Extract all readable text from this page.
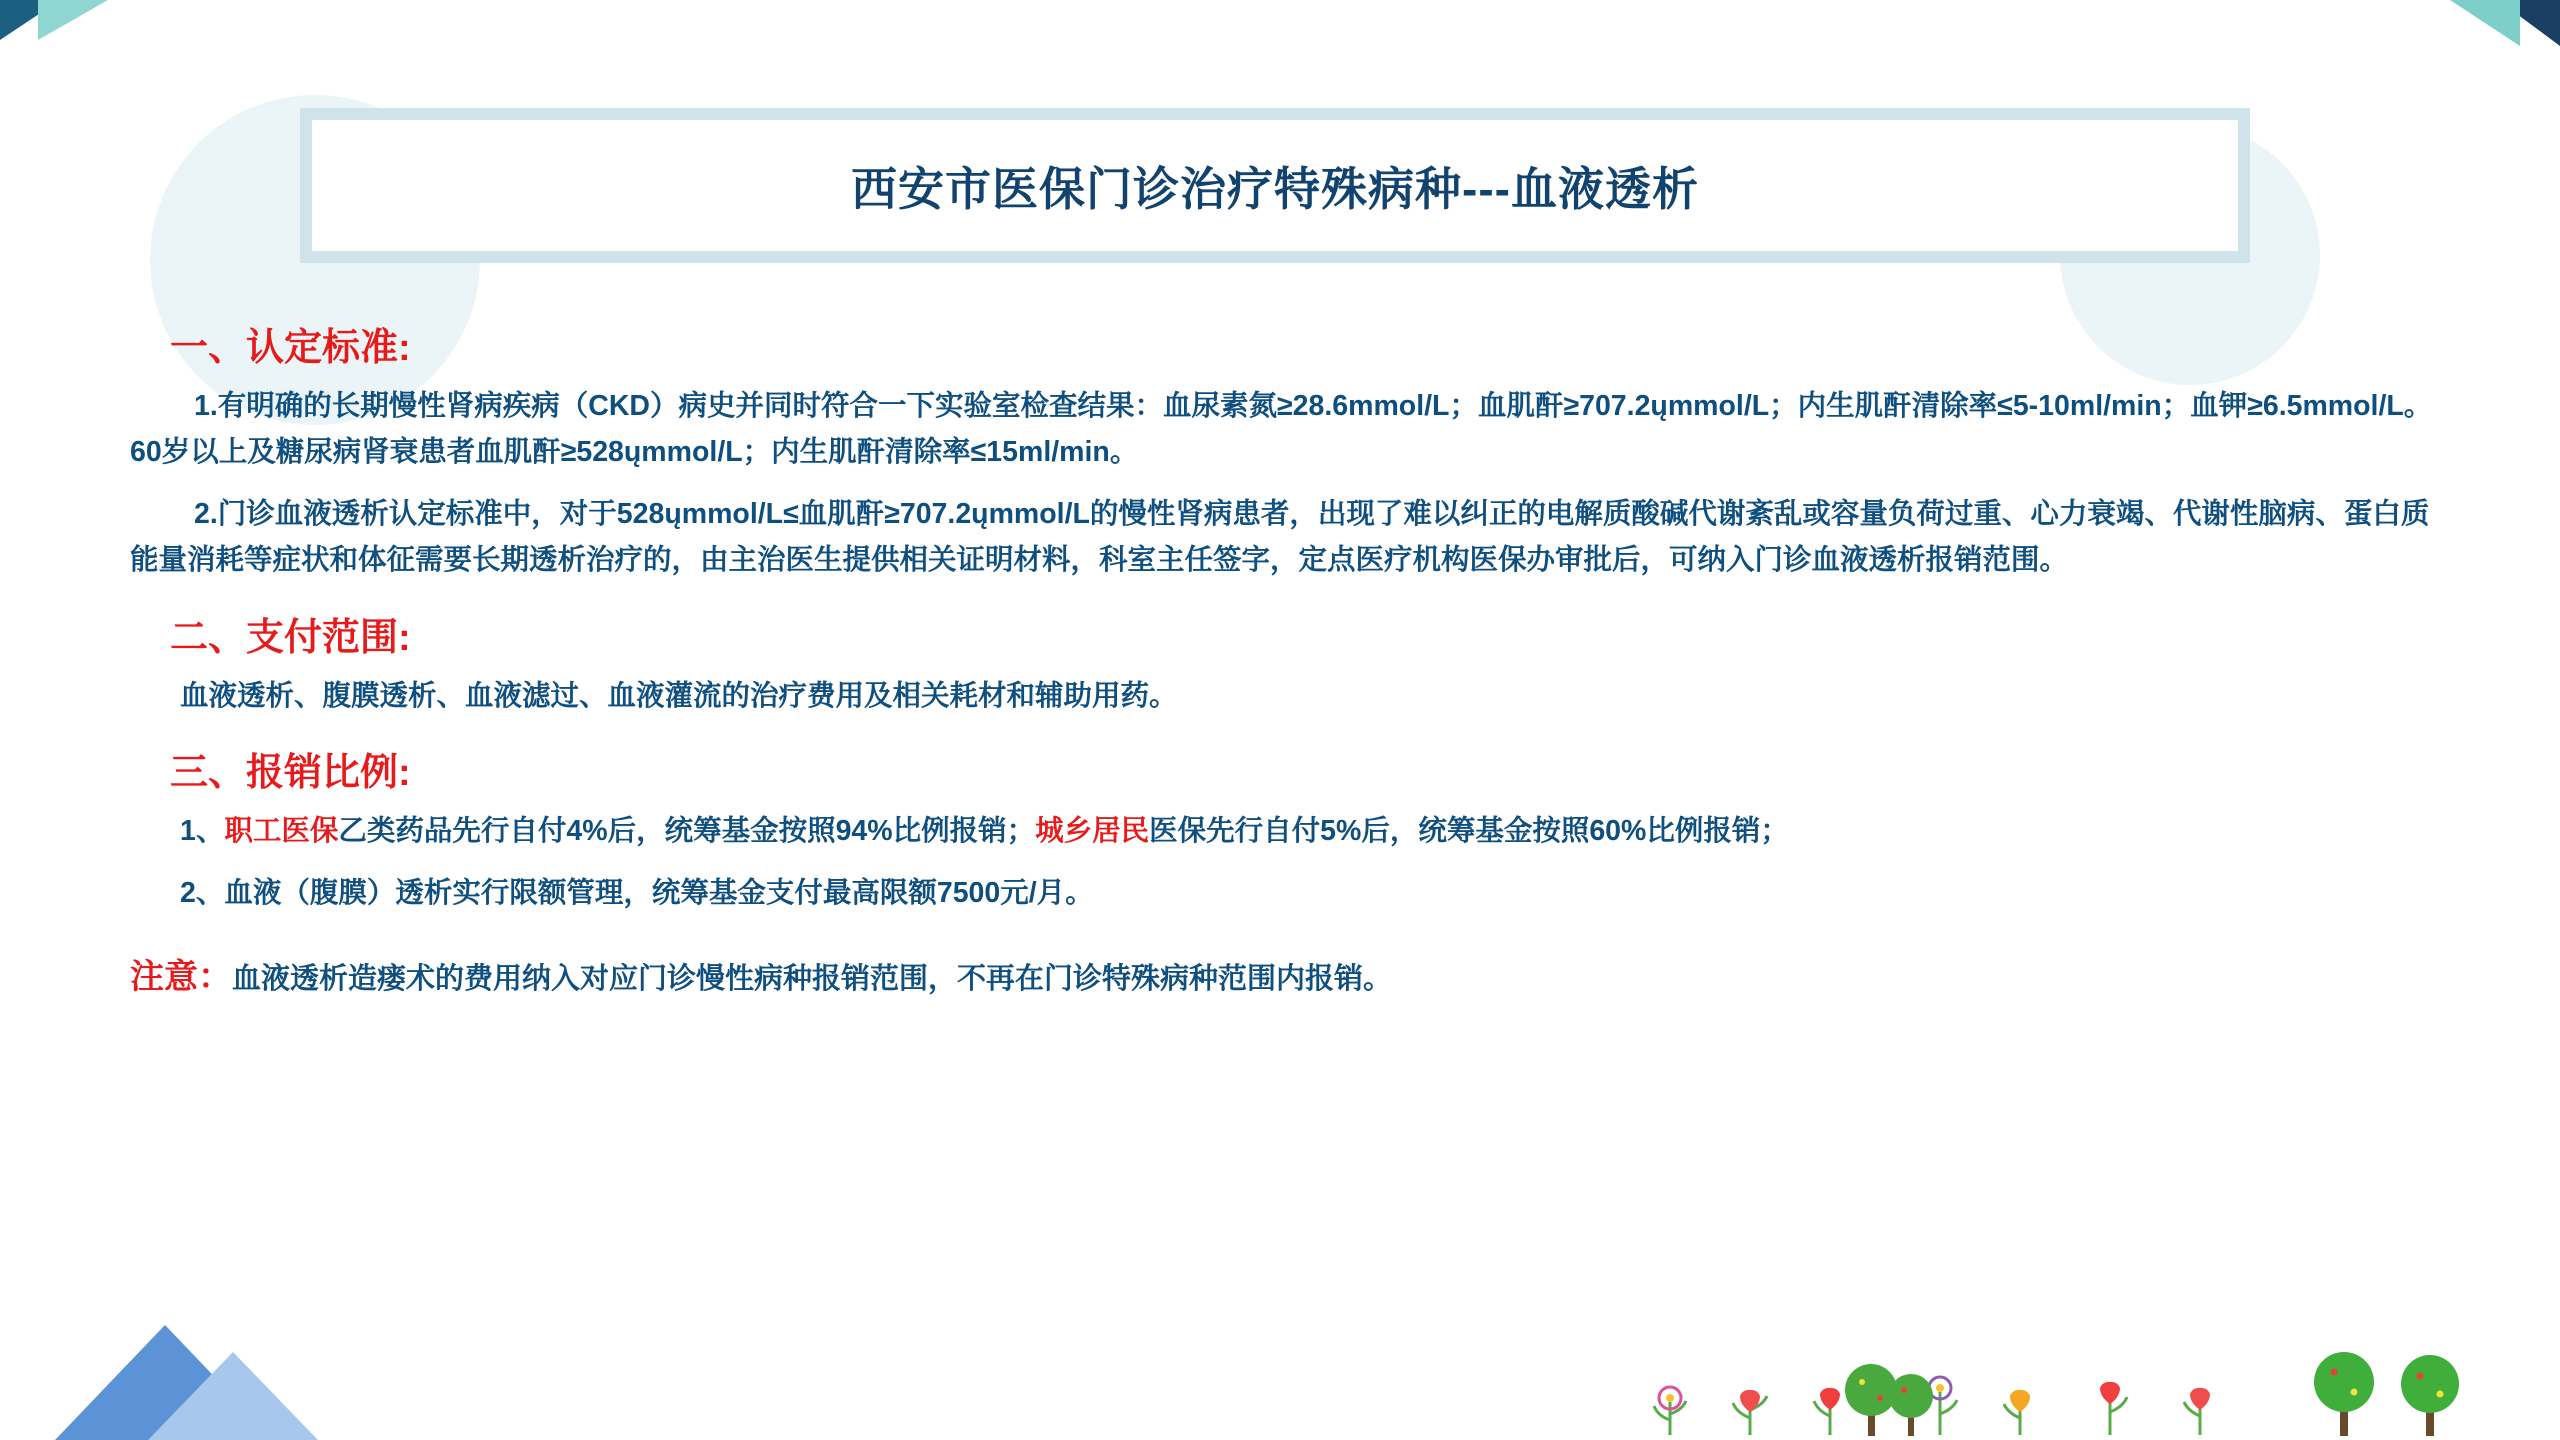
西安市医保门诊治疗特殊病种---血液透析
一、认定标准:
1.有明确的长期慢性肾病疾病（CKD）病史并同时符合一下实验室检查结果：血尿素氮≥28.6mmol/L；血肌酐≥707.2ųmmol/L；内生肌酐清除率≤5-10ml/min；血钾≥6.5mmol/L。60岁以上及糖尿病肾衰患者血肌酐≥528ųmmol/L；内生肌酐清除率≤15ml/min。
2.门诊血液透析认定标准中，对于528ųmmol/L≤血肌酐≥707.2ųmmol/L的慢性肾病患者，出现了难以纠正的电解质酸碱代谢紊乱或容量负荷过重、心力衰竭、代谢性脑病、蛋白质能量消耗等症状和体征需要长期透析治疗的，由主治医生提供相关证明材料，科室主任签字，定点医疗机构医保办审批后，可纳入门诊血液透析报销范围。
二、支付范围:
血液透析、腹膜透析、血液滤过、血液灌流的治疗费用及相关耗材和辅助用药。
三、报销比例:
1、职工医保乙类药品先行自付4%后，统筹基金按照94%比例报销；城乡居民医保先行自付5%后，统筹基金按照60%比例报销；
2、血液（腹膜）透析实行限额管理，统筹基金支付最高限额7500元/月。
注意：血液透析造瘘术的费用纳入对应门诊慢性病种报销范围，不再在门诊特殊病种范围内报销。
